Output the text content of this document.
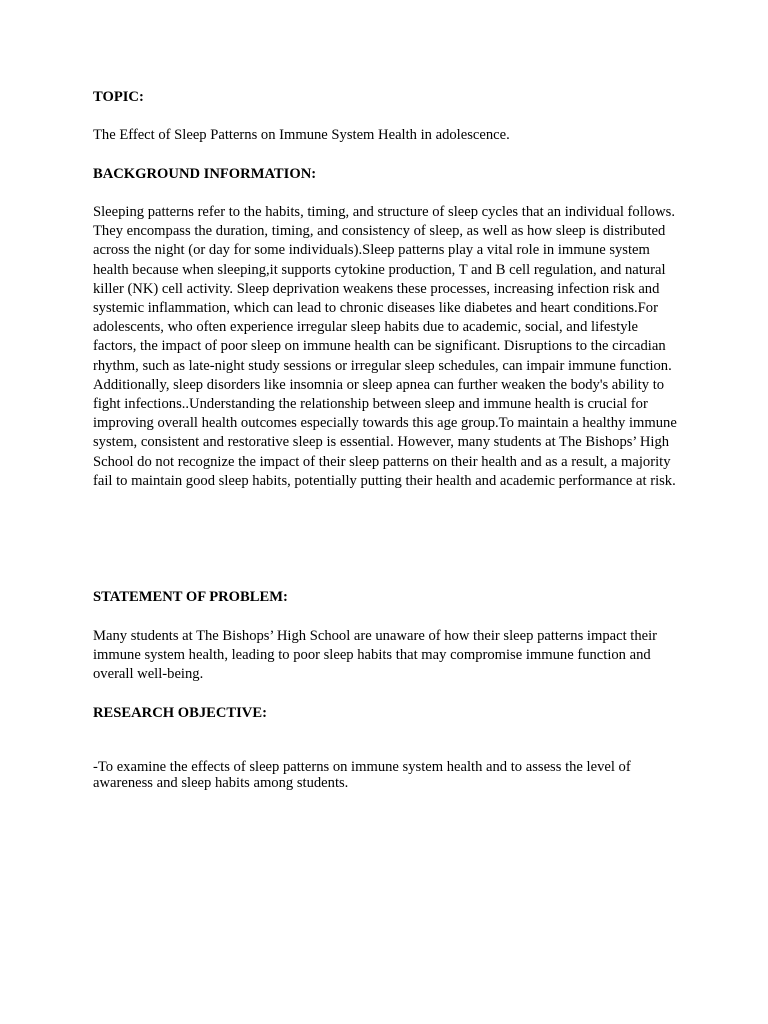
TOPIC:

The Effect of Sleep Patterns on Immune System Health in adolescence.

BACKGROUND INFORMATION:

Sleeping patterns refer to the habits, timing, and structure of sleep cycles that an individual follows. They encompass the duration, timing, and consistency of sleep, as well as how sleep is distributed across the night (or day for some individuals).Sleep patterns play a vital role in immune system health because when sleeping,it supports cytokine production, T and B cell regulation, and natural killer (NK) cell activity. Sleep deprivation weakens these processes, increasing infection risk and systemic inflammation, which can lead to chronic diseases like diabetes and heart conditions.For adolescents, who often experience irregular sleep habits due to academic, social, and lifestyle factors, the impact of poor sleep on immune health can be significant. Disruptions to the circadian rhythm, such as late-night study sessions or irregular sleep schedules, can impair immune function. Additionally, sleep disorders like insomnia or sleep apnea can further weaken the body's ability to fight infections..Understanding the relationship between sleep and immune health is crucial for improving overall health outcomes especially towards this age group.To maintain a healthy immune system, consistent and restorative sleep is essential. However, many students at The Bishops’ High School do not recognize the impact of their sleep patterns on their health and as a result, a majority fail to maintain good sleep habits, potentially putting their health and academic performance at risk.

STATEMENT OF PROBLEM:

Many students at The Bishops’ High School are unaware of how their sleep patterns impact their immune system health, leading to poor sleep habits that may compromise immune function and overall well-being.

RESEARCH OBJECTIVE:

-To examine the effects of sleep patterns on immune system health and to assess the level of awareness and sleep habits among students.
